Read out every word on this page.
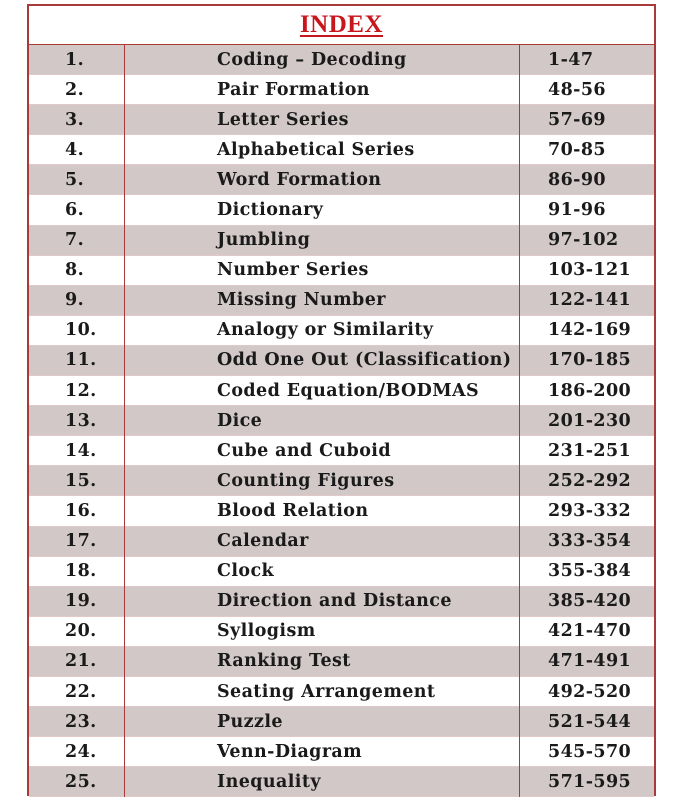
INDEX
1.	Coding – Decoding	1-47
2.	Pair Formation	48-56
3.	Letter Series	57-69
4.	Alphabetical Series	70-85
5.	Word Formation	86-90
6.	Dictionary	91-96
7.	Jumbling	97-102
8.	Number Series	103-121
9.	Missing Number	122-141
10.	Analogy or Similarity	142-169
11.	Odd One Out (Classification)	170-185
12.	Coded Equation/BODMAS	186-200
13.	Dice	201-230
14.	Cube and Cuboid	231-251
15.	Counting Figures	252-292
16.	Blood Relation	293-332
17.	Calendar	333-354
18.	Clock	355-384
19.	Direction and Distance	385-420
20.	Syllogism	421-470
21.	Ranking Test	471-491
22.	Seating Arrangement	492-520
23.	Puzzle	521-544
24.	Venn-Diagram	545-570
25.	Inequality	571-595
